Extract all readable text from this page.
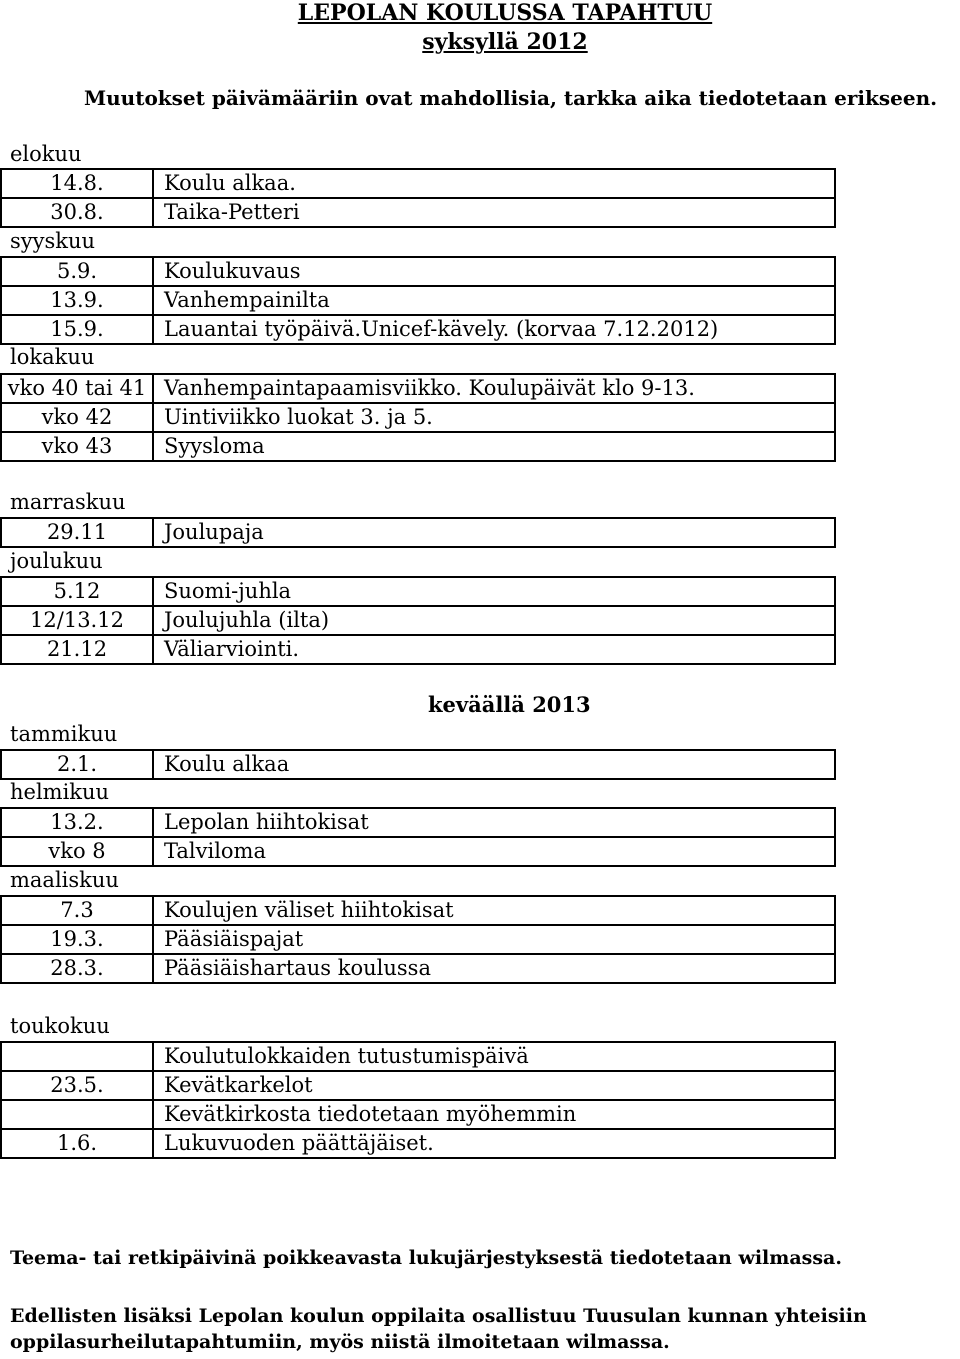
LEPOLAN KOULUSSA TAPAHTUU
syksyllä 2012
Muutokset päivämääriin ovat mahdollisia, tarkka aika tiedotetaan erikseen.
elokuu
14.8.	Koulu alkaa.
30.8.	Taika-Petteri
syyskuu
5.9.	Koulukuvaus
13.9.	Vanhempainilta
15.9.	Lauantai työpäivä.Unicef-kävely. (korvaa 7.12.2012)
lokakuu
vko 40 tai 41	Vanhempaintapaamisviikko. Koulupäivät klo 9-13.
vko 42	Uintiviikko luokat 3. ja 5.
vko 43	Syysloma
marraskuu
29.11	Joulupaja
joulukuu
5.12	Suomi-juhla
12/13.12	Joulujuhla (ilta)
21.12	Väliarviointi.
keväällä 2013
tammikuu
2.1.	Koulu alkaa
helmikuu
13.2.	Lepolan hiihtokisat
vko 8	Talviloma
maaliskuu
7.3	Koulujen väliset hiihtokisat
19.3.	Pääsiäispajat
28.3.	Pääsiäishartaus koulussa
toukokuu
	Koulutulokkaiden tutustumispäivä
23.5.	Kevätkarkelot
	Kevätkirkosta tiedotetaan myöhemmin
1.6.	Lukuvuoden päättäjäiset.
Teema- tai retkipäivinä poikkeavasta lukujärjestyksestä tiedotetaan wilmassa.
Edellisten lisäksi Lepolan koulun oppilaita osallistuu Tuusulan kunnan yhteisiin oppilasurheilutapahtumiin, myös niistä ilmoitetaan wilmassa.
